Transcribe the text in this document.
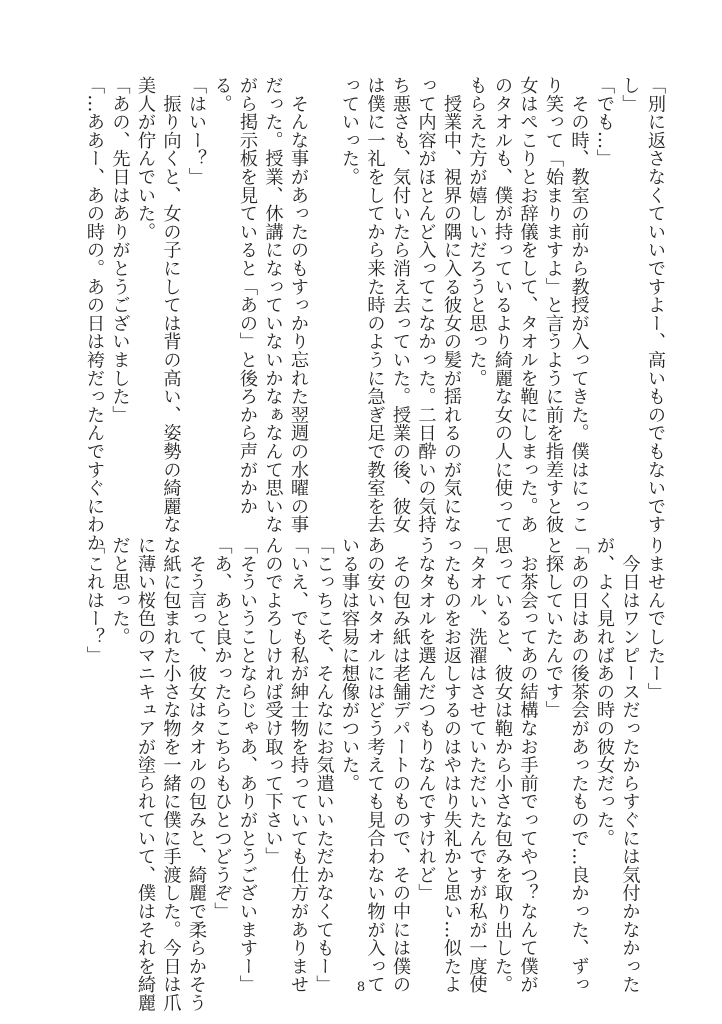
「別に返さなくていいですよー、高いものでもないです
し」
「でも…」
　その時、教室の前から教授が入ってきた。僕はにっこ
り笑って「始まりますよ」と言うように前を指差すと彼
女はぺこりとお辞儀をして、タオルを鞄にしまった。あ
のタオルも、僕が持っているより綺麗な女の人に使って
もらえた方が嬉しいだろうと思った。
　授業中、視界の隅に入る彼女の髪が揺れるのが気にな
って内容がほとんど入ってこなかった。二日酔いの気持
ち悪さも、気付いたら消え去っていた。授業の後、彼女
は僕に一礼をしてから来た時のように急ぎ足で教室を去
っていった。
　そんな事があったのもすっかり忘れた翌週の水曜の事
だった。授業、休講になっていないかなぁなんて思いな
がら掲示板を見ていると「あの」と後ろから声がかか
る。
「はいー？」
　振り向くと、女の子にしては背の高い、姿勢の綺麗な
美人が佇んでいた。
「あの、先日はありがとうございました」
「…ああー、あの時の。あの日は袴だったんですぐにわか
りませんでしたー」
　今日はワンピースだったからすぐには気付かなかった
が、よく見ればあの時の彼女だった。
「あの日はあの後茶会があったもので…良かった、ずっ
と探していたんです」
　お茶会ってあの結構なお手前でってやつ？なんて僕が
思っていると、彼女は鞄から小さな包みを取り出した。
「タオル、洗濯はさせていただいたんですが私が一度使
ったものをお返しするのはやはり失礼かと思い…似たよ
うなタオルを選んだつもりなんですけれど」
　その包み紙は老舗デパートのもので、その中には僕の
あの安いタオルにはどう考えても見合わない物が入って
いる事は容易に想像がついた。
「こっちこそ、そんなにお気遣いいただかなくてもー」
「いえ、でも私が紳士物を持っていても仕方がありませ
んのでよろしければ受け取って下さい」
「そういうことならじゃあ、ありがとうございますー」
「あ、あと良かったらこちらもひとつどうぞ」
　そう言って、彼女はタオルの包みと、綺麗で柔らかそう
な紙に包まれた小さな物を一緒に僕に手渡した。今日は爪
に薄い桜色のマニキュアが塗られていて、僕はそれを綺麗
だと思った。
「これはー？」
8
